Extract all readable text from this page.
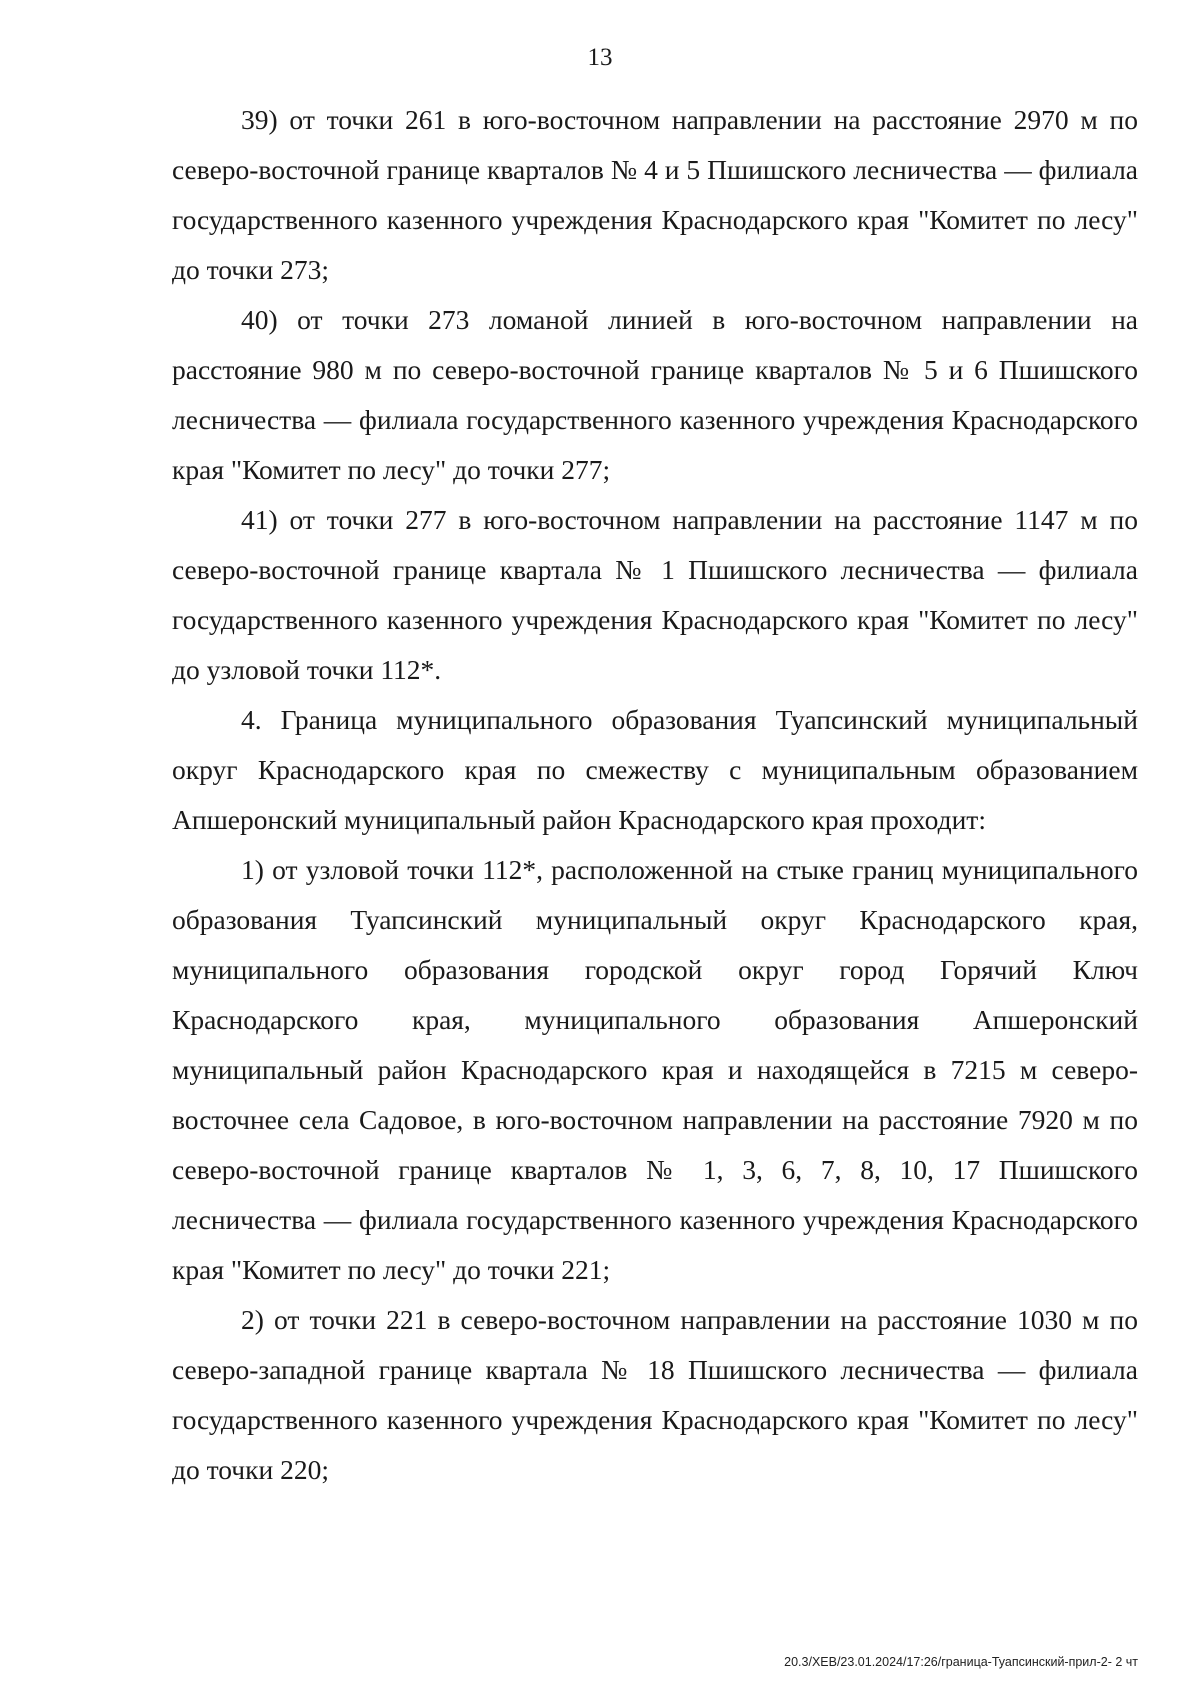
13

39) от точки 261 в юго-восточном направлении на расстояние 2970 м по северо-восточной границе кварталов № 4 и 5 Пшишского лесничества — филиала государственного казенного учреждения Краснодарского края "Комитет по лесу" до точки 273;

40) от точки 273 ломаной линией в юго-восточном направлении на расстояние 980 м по северо-восточной границе кварталов № 5 и 6 Пшишского лесничества — филиала государственного казенного учреждения Краснодарского края "Комитет по лесу" до точки 277;

41) от точки 277 в юго-восточном направлении на расстояние 1147 м по северо-восточной границе квартала № 1 Пшишского лесничества — филиала государственного казенного учреждения Краснодарского края "Комитет по лесу" до узловой точки 112*.

4. Граница муниципального образования Туапсинский муниципальный округ Краснодарского края по смежеству с муниципальным образованием Апшеронский муниципальный район Краснодарского края проходит:

1) от узловой точки 112*, расположенной на стыке границ муниципального образования Туапсинский муниципальный округ Краснодарского края, муниципального образования городской округ город Горячий Ключ Краснодарского края, муниципального образования Апшеронский муниципальный район Краснодарского края и находящейся в 7215 м северо-восточнее села Садовое, в юго-восточном направлении на расстояние 7920 м по северо-восточной границе кварталов № 1, 3, 6, 7, 8, 10, 17 Пшишского лесничества — филиала государственного казенного учреждения Краснодарского края "Комитет по лесу" до точки 221;

2) от точки 221 в северо-восточном направлении на расстояние 1030 м по северо-западной границе квартала № 18 Пшишского лесничества — филиала государственного казенного учреждения Краснодарского края "Комитет по лесу" до точки 220;

20.3/ХЕВ/23.01.2024/17:26/граница-Туапсинский-прил-2- 2 чт
